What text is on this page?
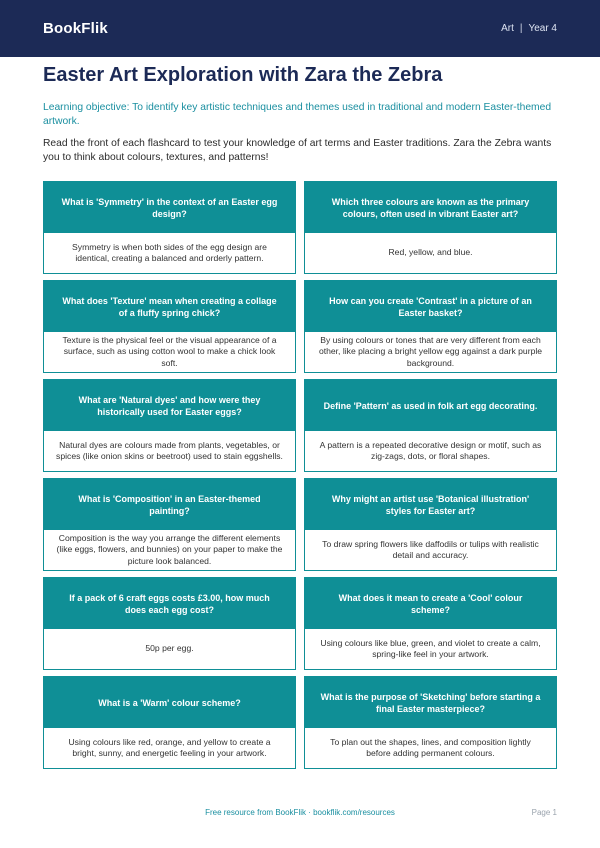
BookFlik	Art | Year 4
Easter Art Exploration with Zara the Zebra
Learning objective: To identify key artistic techniques and themes used in traditional and modern Easter-themed artwork.
Read the front of each flashcard to test your knowledge of art terms and Easter traditions. Zara the Zebra wants you to think about colours, textures, and patterns!
What is 'Symmetry' in the context of an Easter egg design?
Symmetry is when both sides of the egg design are identical, creating a balanced and orderly pattern.
Which three colours are known as the primary colours, often used in vibrant Easter art?
Red, yellow, and blue.
What does 'Texture' mean when creating a collage of a fluffy spring chick?
Texture is the physical feel or the visual appearance of a surface, such as using cotton wool to make a chick look soft.
How can you create 'Contrast' in a picture of an Easter basket?
By using colours or tones that are very different from each other, like placing a bright yellow egg against a dark purple background.
What are 'Natural dyes' and how were they historically used for Easter eggs?
Natural dyes are colours made from plants, vegetables, or spices (like onion skins or beetroot) used to stain eggshells.
Define 'Pattern' as used in folk art egg decorating.
A pattern is a repeated decorative design or motif, such as zig-zags, dots, or floral shapes.
What is 'Composition' in an Easter-themed painting?
Composition is the way you arrange the different elements (like eggs, flowers, and bunnies) on your paper to make the picture look balanced.
Why might an artist use 'Botanical illustration' styles for Easter art?
To draw spring flowers like daffodils or tulips with realistic detail and accuracy.
If a pack of 6 craft eggs costs £3.00, how much does each egg cost?
50p per egg.
What does it mean to create a 'Cool' colour scheme?
Using colours like blue, green, and violet to create a calm, spring-like feel in your artwork.
What is a 'Warm' colour scheme?
Using colours like red, orange, and yellow to create a bright, sunny, and energetic feeling in your artwork.
What is the purpose of 'Sketching' before starting a final Easter masterpiece?
To plan out the shapes, lines, and composition lightly before adding permanent colours.
Free resource from BookFlik · bookflik.com/resources	Page 1
